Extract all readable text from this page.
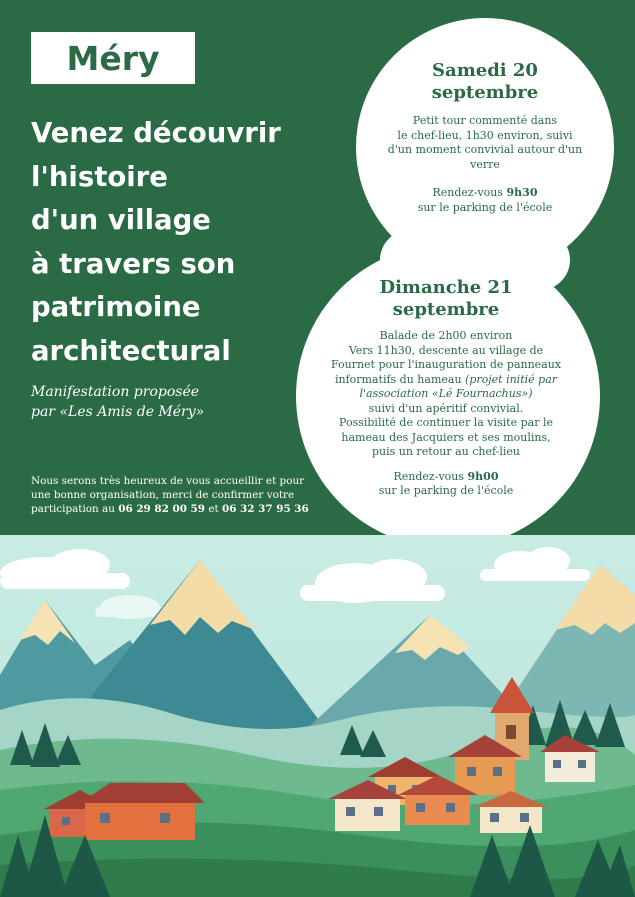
Méry
Venez découvrir
l'histoire
d'un village
à travers son
patrimoine
architectural
Manifestation proposée
par «Les Amis de Méry»
Nous serons très heureux de vous accueillir et pour
une bonne organisation, merci de confirmer votre
participation au 06 29 82 00 59 et 06 32 37 95 36
Samedi 20
septembre
Petit tour commenté dans
le chef-lieu, 1h30 environ, suivi
d'un moment convivial autour d'un
verre
Rendez-vous 9h30
sur le parking de l'école
Dimanche 21
septembre
Balade de 2h00 environ
Vers 11h30, descente au village de
Fournet pour l'inauguration de panneaux
informatifs du hameau (projet initié par
l'association «Lé Fournachus»)
suivi d'un apéritif convivial.
Possibilité de continuer la visite par le
hameau des Jacquiers et ses moulins,
puis un retour au chef-lieu
Rendez-vous 9h00
sur le parking de l'école
